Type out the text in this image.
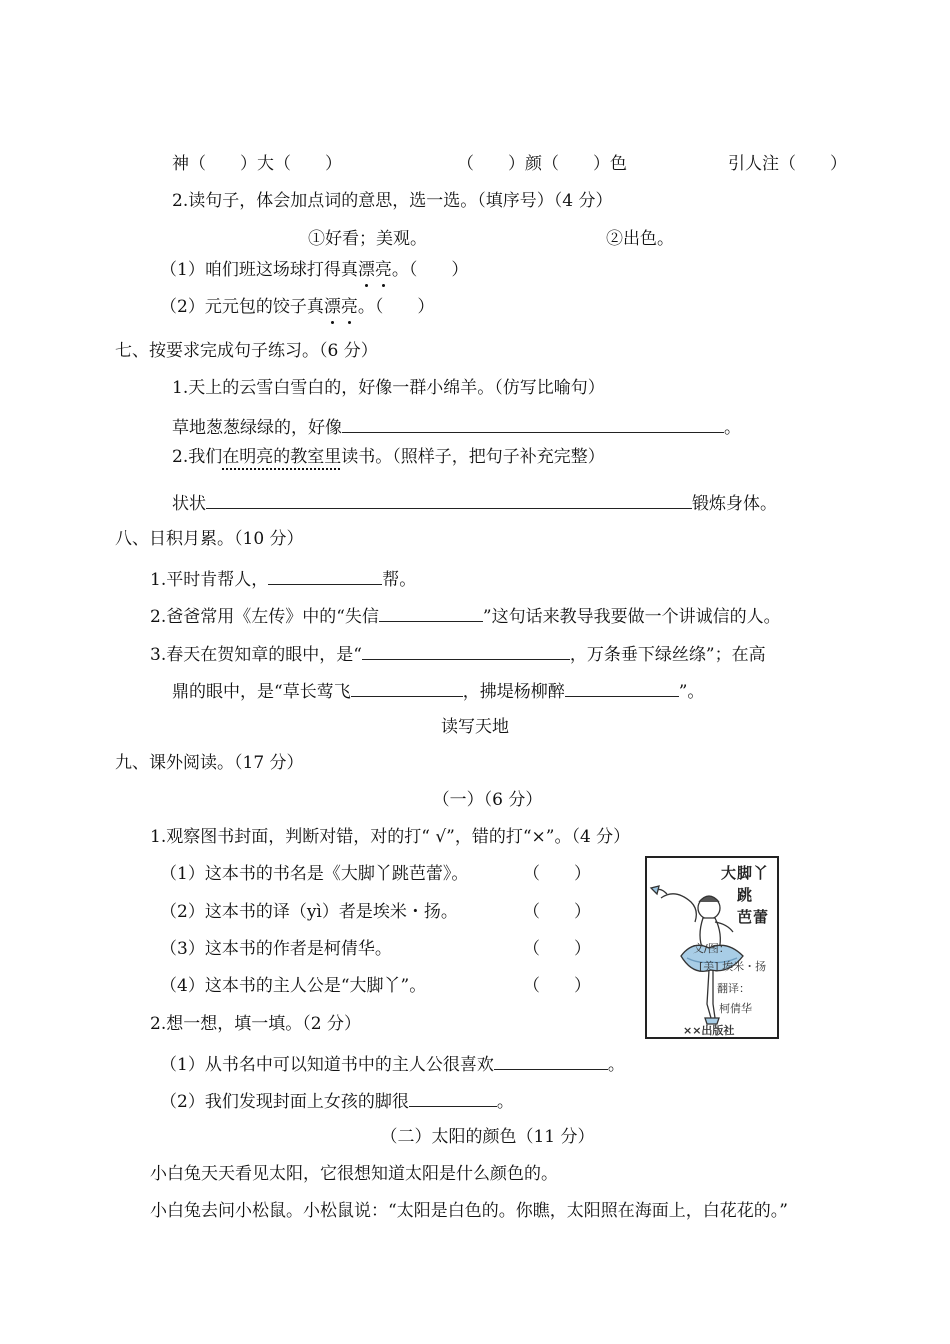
神（　　）大（　　）	（　　）颜（　　）色	引人注（　　）
2.读句子，体会加点词的意思，选一选。（填序号）（4 分）
①好看；美观。	②出色。
（1）咱们班这场球打得真漂亮。（　　）
（2）元元包的饺子真漂亮。（　　）
七、按要求完成句子练习。（6 分）
1.天上的云雪白雪白的，好像一群小绵羊。（仿写比喻句）
草地葱葱绿绿的，好像	。
2.我们在明亮的教室里读书。（照样子，把句子补充完整）
状状	锻炼身体。
八、日积月累。（10 分）
1.平时肯帮人，	帮。
2.爸爸常用《左传》中的“失信	”这句话来教导我要做一个讲诚信的人。
3.春天在贺知章的眼中，是“	，万条垂下绿丝绦”；在高
鼎的眼中，是“草长莺飞	，拂堤杨柳醉	”。
读写天地
九、课外阅读。（17 分）
（一）（6 分）
1.观察图书封面，判断对错，对的打“ √”，错的打“×”。（4 分）
（1）这本书的书名是《大脚丫跳芭蕾》。	（　　）
（2）这本书的译（yì）者是埃米・扬。	（　　）
（3）这本书的作者是柯倩华。	（　　）
（4）这本书的主人公是“大脚丫”。	（　　）
2.想一想，填一填。（2 分）
（1）从书名中可以知道书中的主人公很喜欢	。
（2）我们发现封面上女孩的脚很	。
（二）太阳的颜色（11 分）
小白兔天天看见太阳，它很想知道太阳是什么颜色的。
小白兔去问小松鼠。小松鼠说：“太阳是白色的。你瞧，太阳照在海面上，白花花的。”
大脚丫
跳
芭蕾
文/图：
[美] 埃米・扬
翻译：
柯倩华
××出版社
